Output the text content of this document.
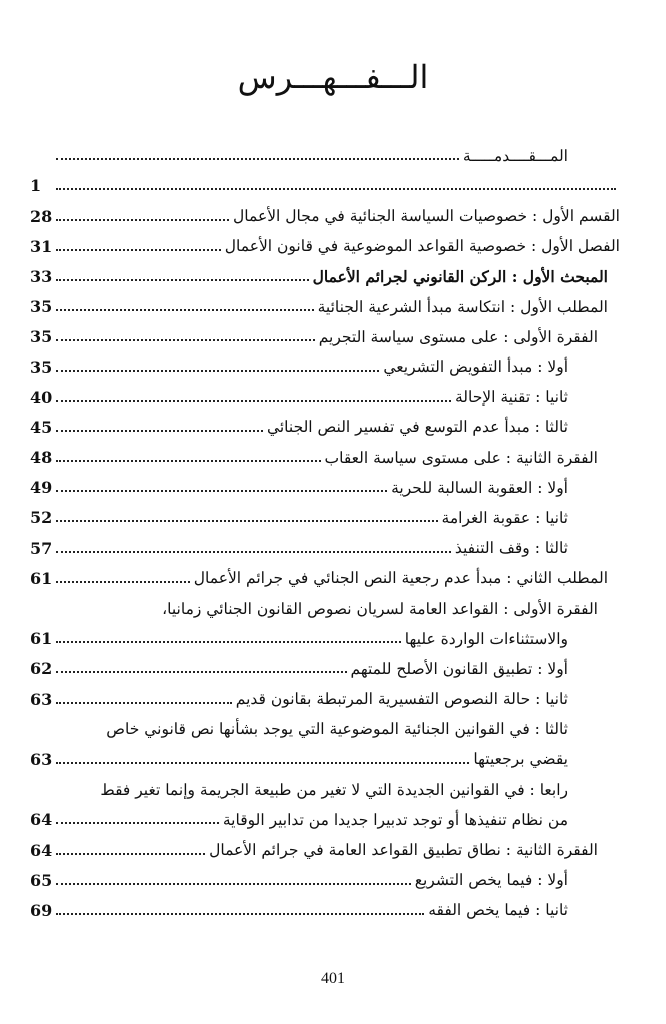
الـــفـــهـــرس
المـــقــــدمـــــة
1
القسم الأول : خصوصيات السياسة الجنائية في مجال الأعمال
28
الفصل الأول : خصوصية القواعد الموضوعية في قانون الأعمال
31
المبحث الأول : الركن القانوني لجرائم الأعمال
33
المطلب الأول : انتكاسة مبدأ الشرعية الجنائية
35
الفقرة الأولى : على مستوى سياسة التجريم
35
أولا : مبدأ التفويض التشريعي
35
ثانيا : تقنية الإحالة
40
ثالثا : مبدأ عدم التوسع في تفسير النص الجنائي
45
الفقرة الثانية : على مستوى سياسة العقاب
48
أولا : العقوبة السالبة للحرية
49
ثانيا : عقوبة الغرامة
52
ثالثا : وقف التنفيذ
57
المطلب الثاني : مبدأ عدم رجعية النص الجنائي في جرائم الأعمال
61
الفقرة الأولى : القواعد العامة لسريان نصوص القانون الجنائي زمانيا،
والاستثناءات الواردة عليها
61
أولا : تطبيق القانون الأصلح للمتهم
62
ثانيا : حالة النصوص التفسيرية المرتبطة بقانون قديم
63
ثالثا : في القوانين الجنائية الموضوعية التي يوجد بشأنها نص قانوني خاص
يقضي برجعيتها
63
رابعا : في القوانين الجديدة التي لا تغير من طبيعة الجريمة وإنما تغير فقط
من نظام تنفيذها أو توجد تدبيرا جديدا من تدابير الوقاية
64
الفقرة الثانية : نطاق تطبيق القواعد العامة في جرائم الأعمال
64
أولا : فيما يخص التشريع
65
ثانيا : فيما يخص الفقه
69
401
